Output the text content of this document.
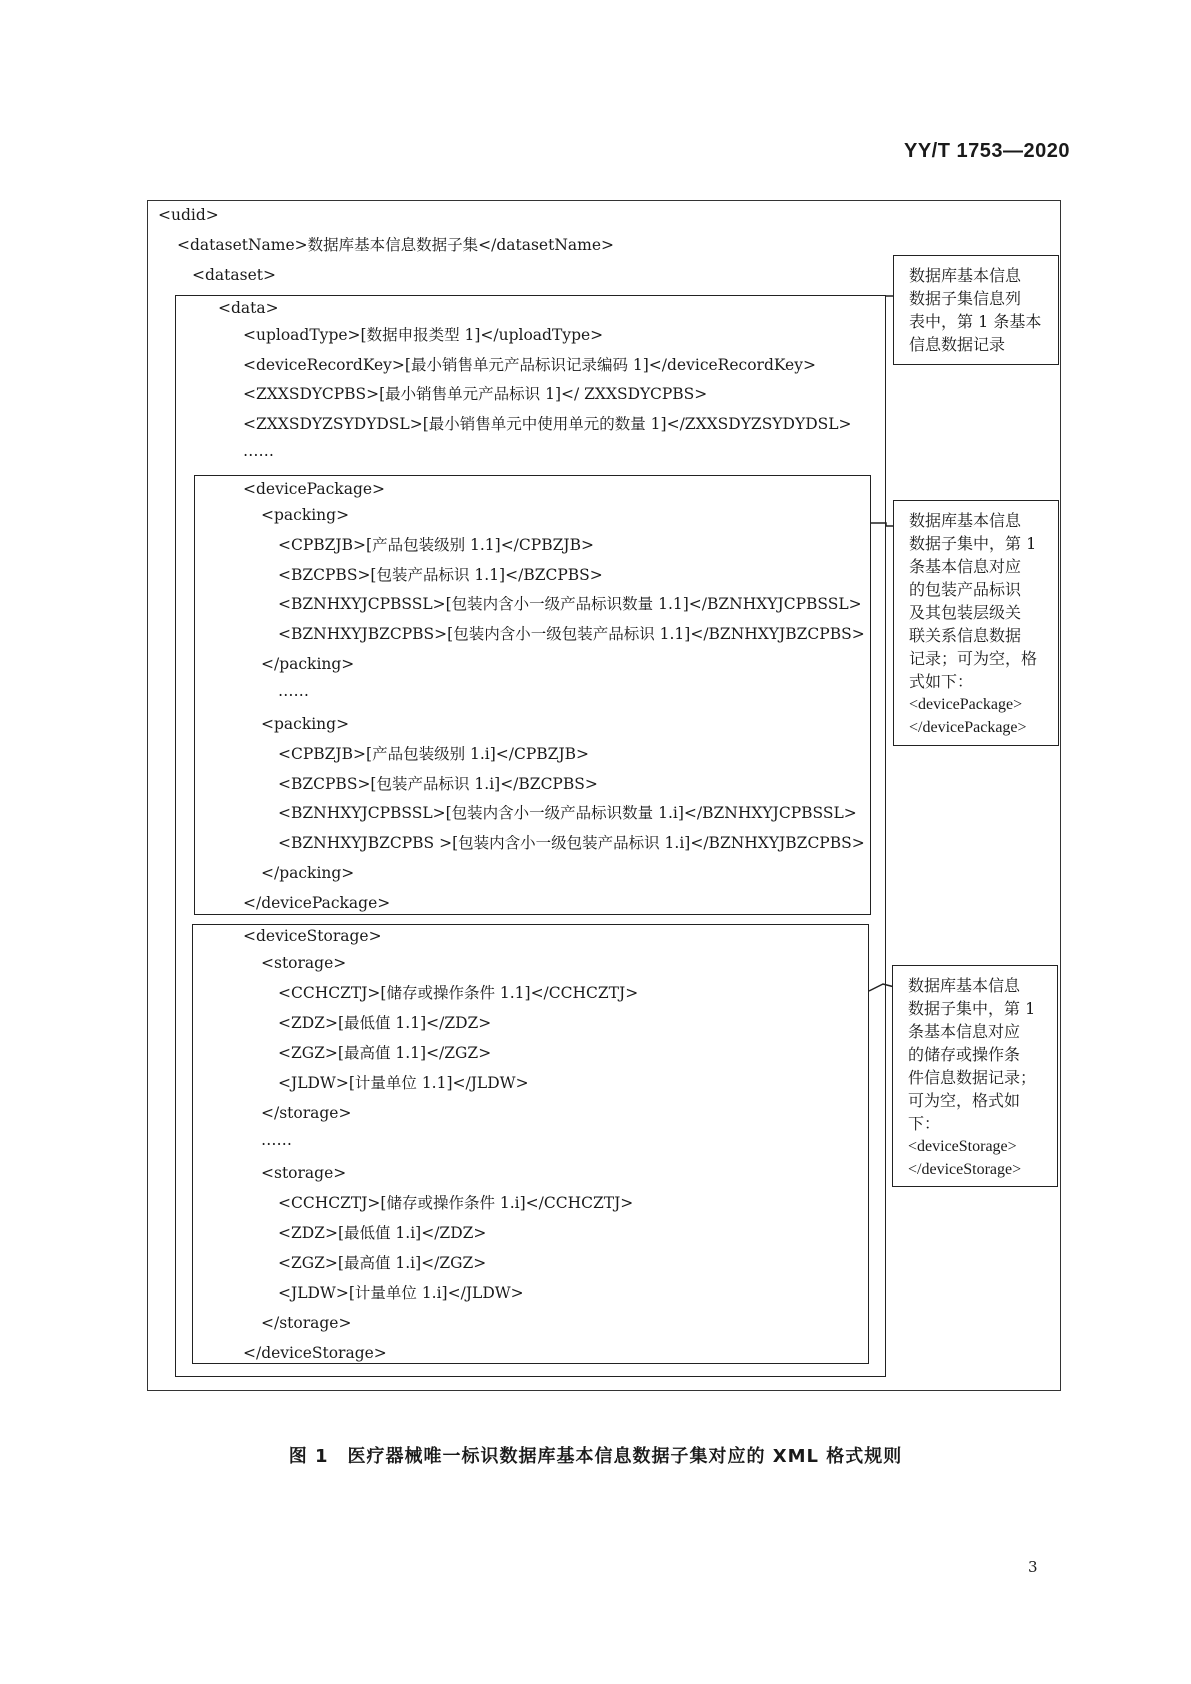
YY/T 1753—2020
<udid>
<datasetName>数据库基本信息数据子集</datasetName>
<dataset>
<data>
<uploadType>[数据申报类型 1]</uploadType>
<deviceRecordKey>[最小销售单元产品标识记录编码 1]</deviceRecordKey>
<ZXXSDYCPBS>[最小销售单元产品标识 1]</ ZXXSDYCPBS>
<ZXXSDYZSYDYDSL>[最小销售单元中使用单元的数量 1]</ZXXSDYZSYDYDSL>
……
<devicePackage>
<packing>
<CPBZJB>[产品包装级别 1.1]</CPBZJB>
<BZCPBS>[包装产品标识 1.1]</BZCPBS>
<BZNHXYJCPBSSL>[包装内含小一级产品标识数量 1.1]</BZNHXYJCPBSSL>
<BZNHXYJBZCPBS>[包装内含小一级包装产品标识 1.1]</BZNHXYJBZCPBS>
</packing>
……
<packing>
<CPBZJB>[产品包装级别 1.i]</CPBZJB>
<BZCPBS>[包装产品标识 1.i]</BZCPBS>
<BZNHXYJCPBSSL>[包装内含小一级产品标识数量 1.i]</BZNHXYJCPBSSL>
<BZNHXYJBZCPBS >[包装内含小一级包装产品标识 1.i]</BZNHXYJBZCPBS>
</packing>
</devicePackage>
<deviceStorage>
<storage>
<CCHCZTJ>[储存或操作条件 1.1]</CCHCZTJ>
<ZDZ>[最低值 1.1]</ZDZ>
<ZGZ>[最高值 1.1]</ZGZ>
<JLDW>[计量单位 1.1]</JLDW>
</storage>
……
<storage>
<CCHCZTJ>[储存或操作条件 1.i]</CCHCZTJ>
<ZDZ>[最低值 1.i]</ZDZ>
<ZGZ>[最高值 1.i]</ZGZ>
<JLDW>[计量单位 1.i]</JLDW>
</storage>
</deviceStorage>
数据库基本信息
数据子集信息列
表中，第 1 条基本
信息数据记录
数据库基本信息
数据子集中，第 1
条基本信息对应
的包装产品标识
及其包装层级关
联关系信息数据
记录；可为空，格
式如下：
<devicePackage>
</devicePackage>
数据库基本信息
数据子集中，第 1
条基本信息对应
的储存或操作条
件信息数据记录；
可为空，格式如
下：
<deviceStorage>
</deviceStorage>
图 1　医疗器械唯一标识数据库基本信息数据子集对应的 XML 格式规则
3
